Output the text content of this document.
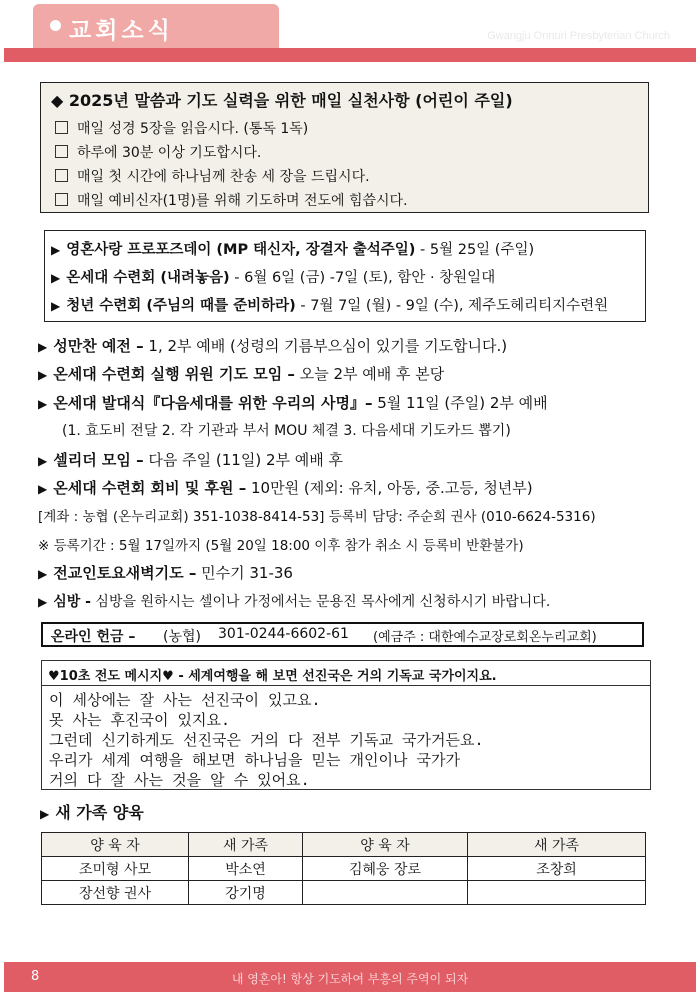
교회소식	Gwangju Onnuri Presbyterian Church
◆ 2025년 말씀과 기도 실력을 위한 매일 실천사항 (어린이 주일)
매일 성경 5장을 읽읍시다. (통독 1독)
하루에 30분 이상 기도합시다.
매일 첫 시간에 하나님께 찬송 세 장을 드립시다.
매일 예비신자(1명)를 위해 기도하며 전도에 힘씁시다.
▶ 영혼사랑 프로포즈데이 (MP 태신자, 장결자 출석주일) - 5월 25일 (주일)
▶ 온세대 수련회 (내려놓음) - 6월 6일 (금) -7일 (토), 함안 · 창원일대
▶ 청년 수련회 (주님의 때를 준비하라) - 7월 7일 (월) - 9일 (수), 제주도헤리티지수련원
▶ 성만찬 예전 – 1, 2부 예배 (성령의 기름부으심이 있기를 기도합니다.)
▶ 온세대 수련회 실행 위원 기도 모임 – 오늘 2부 예배 후 본당
▶ 온세대 발대식『다음세대를 위한 우리의 사명』– 5월 11일 (주일) 2부 예배
(1. 효도비 전달 2. 각 기관과 부서 MOU 체결 3. 다음세대 기도카드 뽑기)
▶ 셀리더 모임 – 다음 주일 (11일) 2부 예배 후
▶ 온세대 수련회 회비 및 후원 – 10만원 (제외: 유치, 아동, 중.고등, 청년부)
[계좌 : 농협 (온누리교회) 351-1038-8414-53] 등록비 담당: 주순희 권사 (010-6624-5316)
※ 등록기간 : 5월 17일까지 (5월 20일 18:00 이후 참가 취소 시 등록비 반환불가)
▶ 전교인토요새벽기도 – 민수기 31-36
▶ 심방 - 심방을 원하시는 셀이나 가정에서는 문용진 목사에게 신청하시기 바랍니다.
온라인 헌금 – (농협) 301-0244-6602-61 (예금주 : 대한예수교장로회온누리교회)
♥10초 전도 메시지♥ - 세계여행을 해 보면 선진국은 거의 기독교 국가이지요.
이 세상에는 잘 사는 선진국이 있고요.
못 사는 후진국이 있지요.
그런데 신기하게도 선진국은 거의 다 전부 기독교 국가거든요.
우리가 세계 여행을 해보면 하나님을 믿는 개인이나 국가가
거의 다 잘 사는 것을 알 수 있어요.
▶ 새 가족 양육
양 육 자	새 가족	양 육 자	새 가족
조미형 사모	박소연	김혜웅 장로	조창희
장선향 권사	강기명		
8	내 영혼아! 항상 기도하여 부흥의 주역이 되자
